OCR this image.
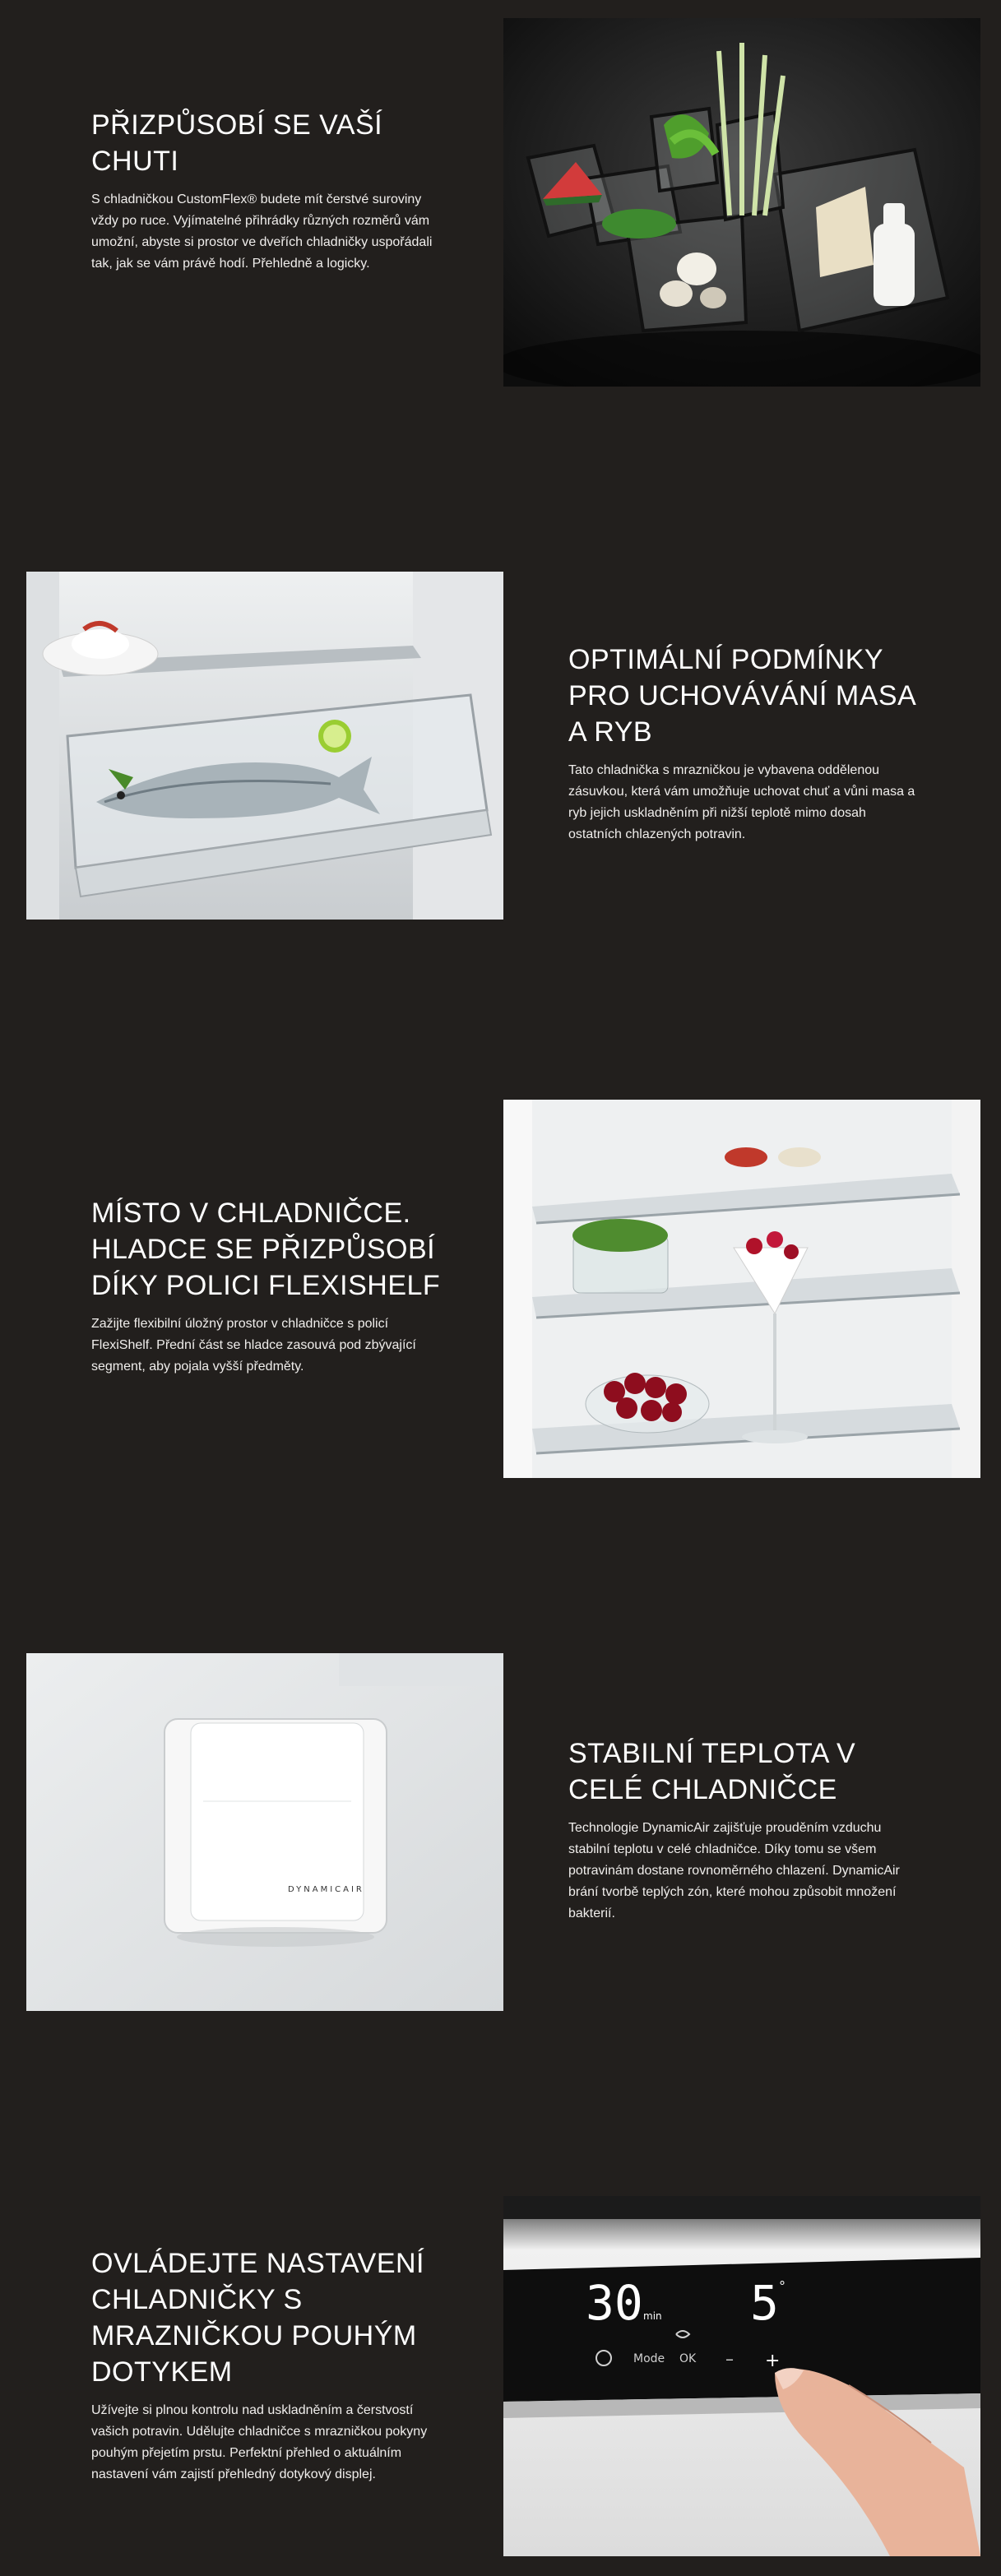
PŘIZPŮSOBÍ SE VAŠÍ CHUTI

S chladničkou CustomFlex® budete mít čerstvé suroviny vždy po ruce. Vyjímatelné přihrádky různých rozměrů vám umožní, abyste si prostor ve dveřích chladničky uspořádali tak, jak se vám právě hodí. Přehledně a logicky.

OPTIMÁLNÍ PODMÍNKY PRO UCHOVÁVÁNÍ MASA A RYB

Tato chladnička s mrazničkou je vybavena oddělenou zásuvkou, která vám umožňuje uchovat chuť a vůni masa a ryb jejich uskladněním při nižší teplotě mimo dosah ostatních chlazených potravin.

MÍSTO V CHLADNIČCE. HLADCE SE PŘIZPŮSOBÍ DÍKY POLICI FLEXISHELF

Zažijte flexibilní úložný prostor v chladničce s policí FlexiShelf. Přední část se hladce zasouvá pod zbývající segment, aby pojala vyšší předměty.

DYNAMICAIR
STABILNÍ TEPLOTA V CELÉ CHLADNIČCE

Technologie DynamicAir zajišťuje prouděním vzduchu stabilní teplotu v celé chladničce. Díky tomu se všem potravinám dostane rovnoměrného chlazení. DynamicAir brání tvorbě teplých zón, které mohou způsobit množení bakterií.

OVLÁDEJTE NASTAVENÍ CHLADNIČKY S MRAZNIČKOU POUHÝM DOTYKEM

Užívejte si plnou kontrolu nad uskladněním a čerstvostí vašich potravin. Udělujte chladničce s mrazničkou pokyny pouhým přejetím prstu. Perfektní přehled o aktuálním nastavení vám zajistí přehledný dotykový displej.

30 min 5 °
Mode OK – +
